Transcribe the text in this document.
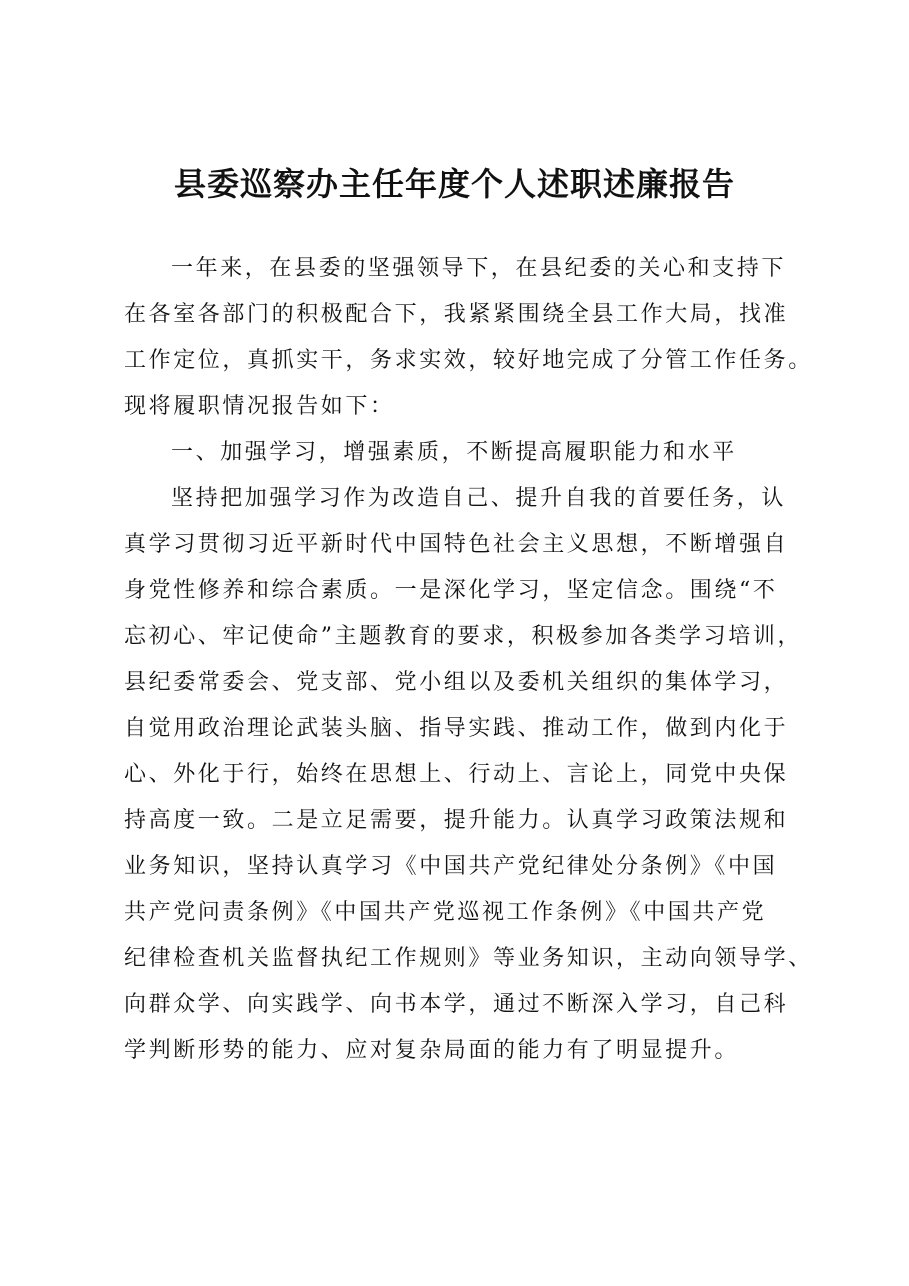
县委巡察办主任年度个人述职述廉报告
一年来，在县委的坚强领导下，在县纪委的关心和支持下
在各室各部门的积极配合下，我紧紧围绕全县工作大局，找准
工作定位，真抓实干，务求实效，较好地完成了分管工作任务。
现将履职情况报告如下：
一、加强学习，增强素质，不断提高履职能力和水平
坚持把加强学习作为改造自己、提升自我的首要任务，认
真学习贯彻习近平新时代中国特色社会主义思想，不断增强自
身党性修养和综合素质。一是深化学习，坚定信念。围绕“不
忘初心、牢记使命”主题教育的要求，积极参加各类学习培训，
县纪委常委会、党支部、党小组以及委机关组织的集体学习，
自觉用政治理论武装头脑、指导实践、推动工作，做到内化于
心、外化于行，始终在思想上、行动上、言论上，同党中央保
持高度一致。二是立足需要，提升能力。认真学习政策法规和
业务知识，坚持认真学习《中国共产党纪律处分条例》《中国
共产党问责条例》《中国共产党巡视工作条例》《中国共产党
纪律检查机关监督执纪工作规则》等业务知识，主动向领导学、
向群众学、向实践学、向书本学，通过不断深入学习，自己科
学判断形势的能力、应对复杂局面的能力有了明显提升。
